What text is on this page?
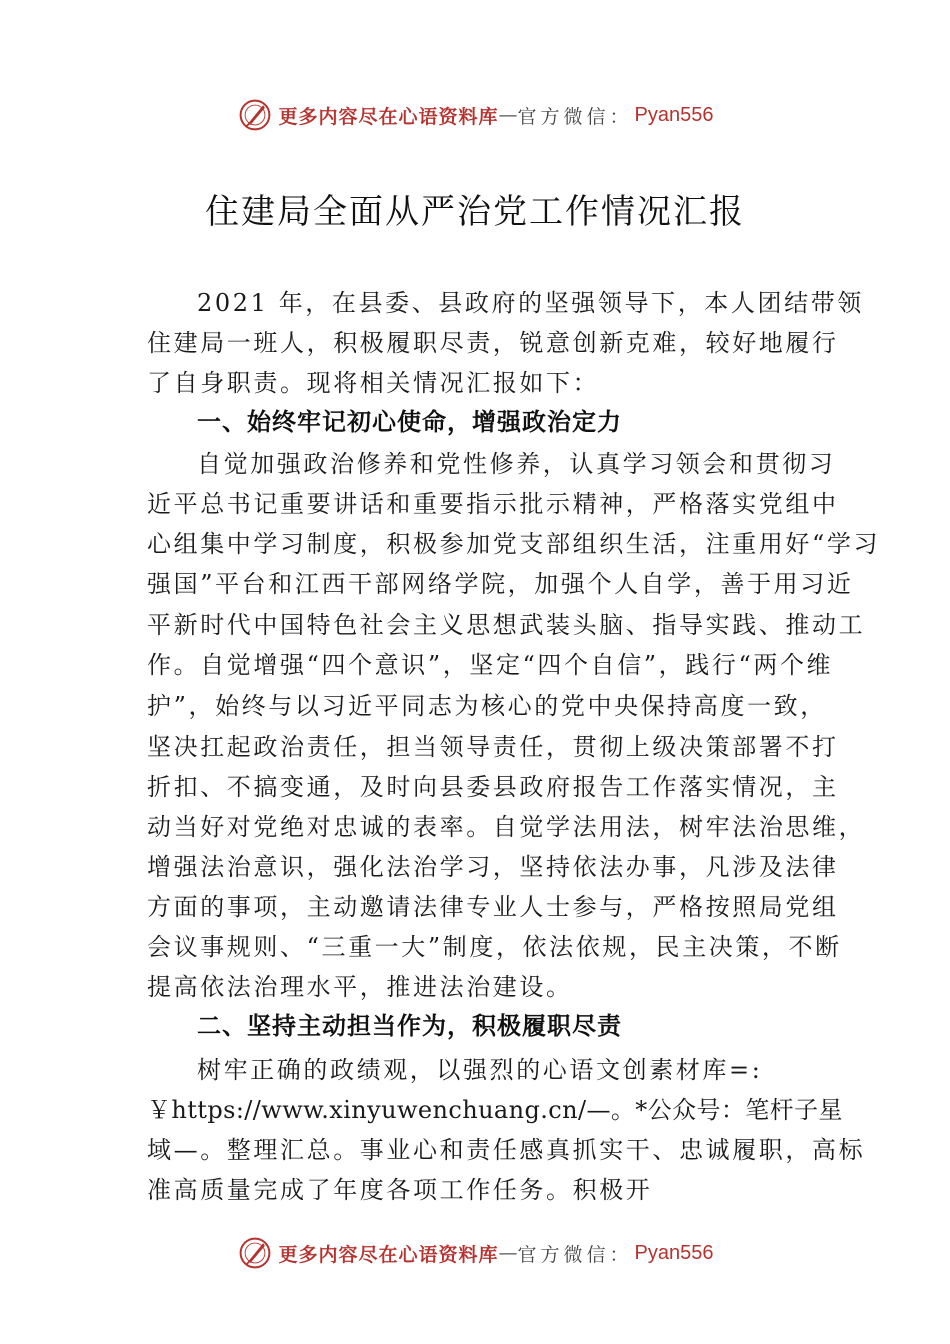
更多内容尽在心语资料库 — 官方微信： Pyan556
住建局全面从严治党工作情况汇报
2021 年，在县委、县政府的坚强领导下，本人团结带领
住建局一班人，积极履职尽责，锐意创新克难，较好地履行
了自身职责。现将相关情况汇报如下：
一、始终牢记初心使命，增强政治定力
自觉加强政治修养和党性修养，认真学习领会和贯彻习
近平总书记重要讲话和重要指示批示精神，严格落实党组中
心组集中学习制度，积极参加党支部组织生活，注重用好“学习
强国”平台和江西干部网络学院，加强个人自学，善于用习近
平新时代中国特色社会主义思想武装头脑、指导实践、推动工
作。自觉增强“四个意识”，坚定“四个自信”，践行“两个维
护”，始终与以习近平同志为核心的党中央保持高度一致，
坚决扛起政治责任，担当领导责任，贯彻上级决策部署不打
折扣、不搞变通，及时向县委县政府报告工作落实情况，主
动当好对党绝对忠诚的表率。自觉学法用法，树牢法治思维，
增强法治意识，强化法治学习，坚持依法办事，凡涉及法律
方面的事项，主动邀请法律专业人士参与，严格按照局党组
会议事规则、“三重一大”制度，依法依规，民主决策，不断
提高依法治理水平，推进法治建设。
二、坚持主动担当作为，积极履职尽责
树牢正确的政绩观，以强烈的心语文创素材库=:
￥https://www.xinyuwenchuang.cn/—。*公众号：笔杆子星
域—。整理汇总。事业心和责任感真抓实干、忠诚履职，高标
准高质量完成了年度各项工作任务。积极开
更多内容尽在心语资料库 — 官方微信： Pyan556
